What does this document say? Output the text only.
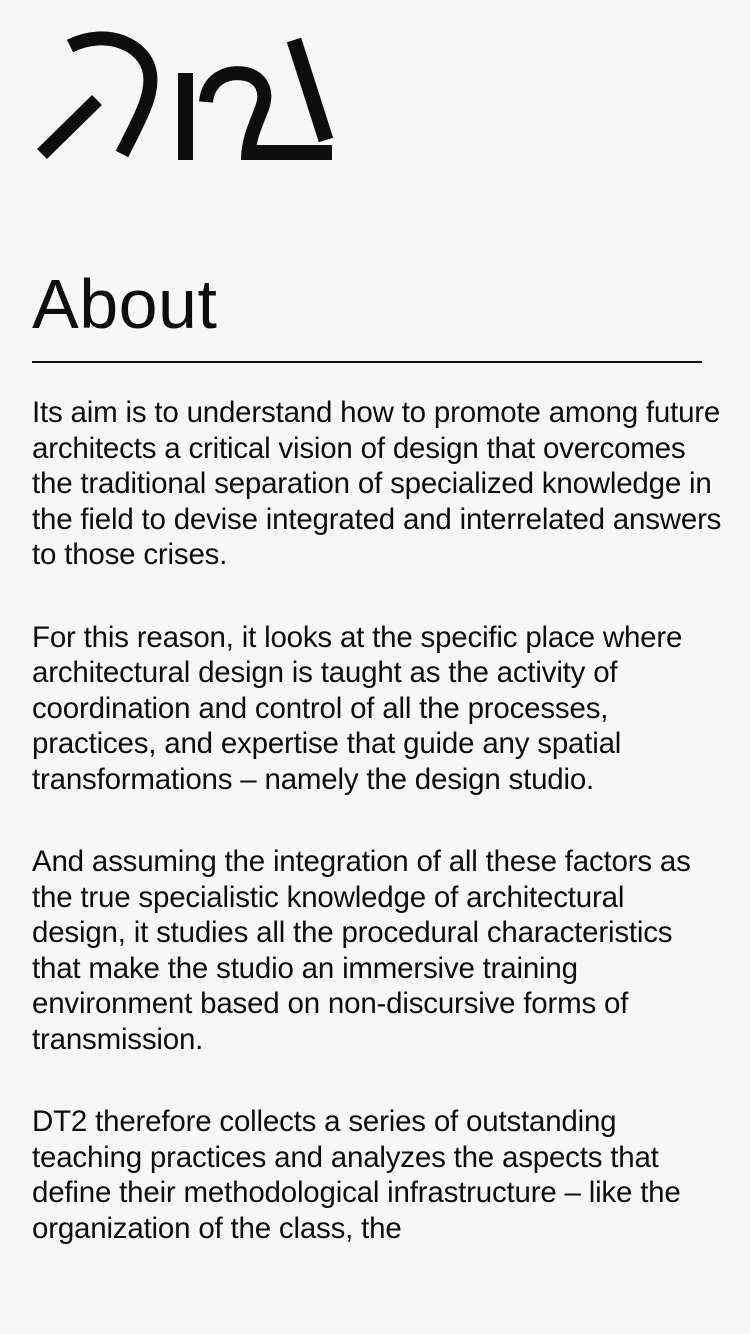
About

Its aim is to understand how to promote among future architects a critical vision of design that overcomes the traditional separation of specialized knowledge in the field to devise integrated and interrelated answers to those crises.

For this reason, it looks at the specific place where architectural design is taught as the activity of coordination and control of all the processes, practices, and expertise that guide any spatial transformations – namely the design studio.

And assuming the integration of all these factors as the true specialistic knowledge of architectural design, it studies all the procedural characteristics that make the studio an immersive training environment based on non-discursive forms of transmission.

DT2 therefore collects a series of outstanding teaching practices and analyzes the aspects that define their methodological infrastructure – like the organization of the class, the
